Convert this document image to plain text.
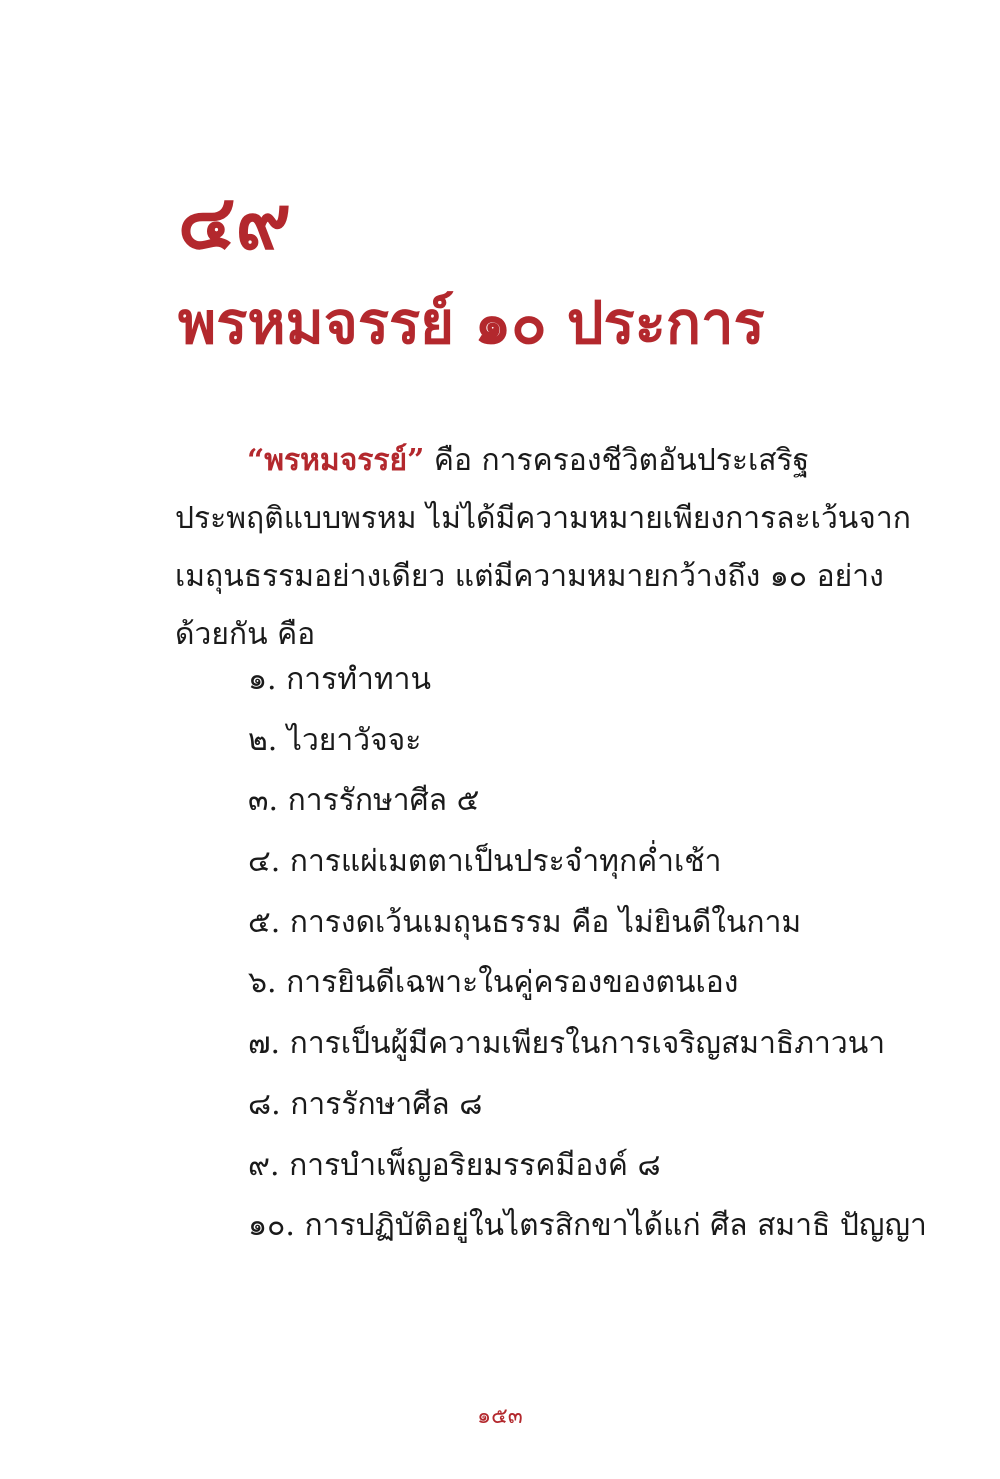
๔๙
พรหมจรรย์ ๑๐ ประการ

“พรหมจรรย์” คือ การครองชีวิตอันประเสริฐ
ประพฤติแบบพรหม ไม่ได้มีความหมายเพียงการละเว้นจาก
เมถุนธรรมอย่างเดียว แต่มีความหมายกว้างถึง ๑๐ อย่าง
ด้วยกัน คือ

๑. การทำทาน
๒. ไวยาวัจจะ
๓. การรักษาศีล ๕
๔. การแผ่เมตตาเป็นประจำทุกค่ำเช้า
๕. การงดเว้นเมถุนธรรม คือ ไม่ยินดีในกาม
๖. การยินดีเฉพาะในคู่ครองของตนเอง
๗. การเป็นผู้มีความเพียรในการเจริญสมาธิภาวนา
๘. การรักษาศีล ๘
๙. การบำเพ็ญอริยมรรคมีองค์ ๘
๑๐. การปฏิบัติอยู่ในไตรสิกขาได้แก่ ศีล สมาธิ ปัญญา

๑๕๓
